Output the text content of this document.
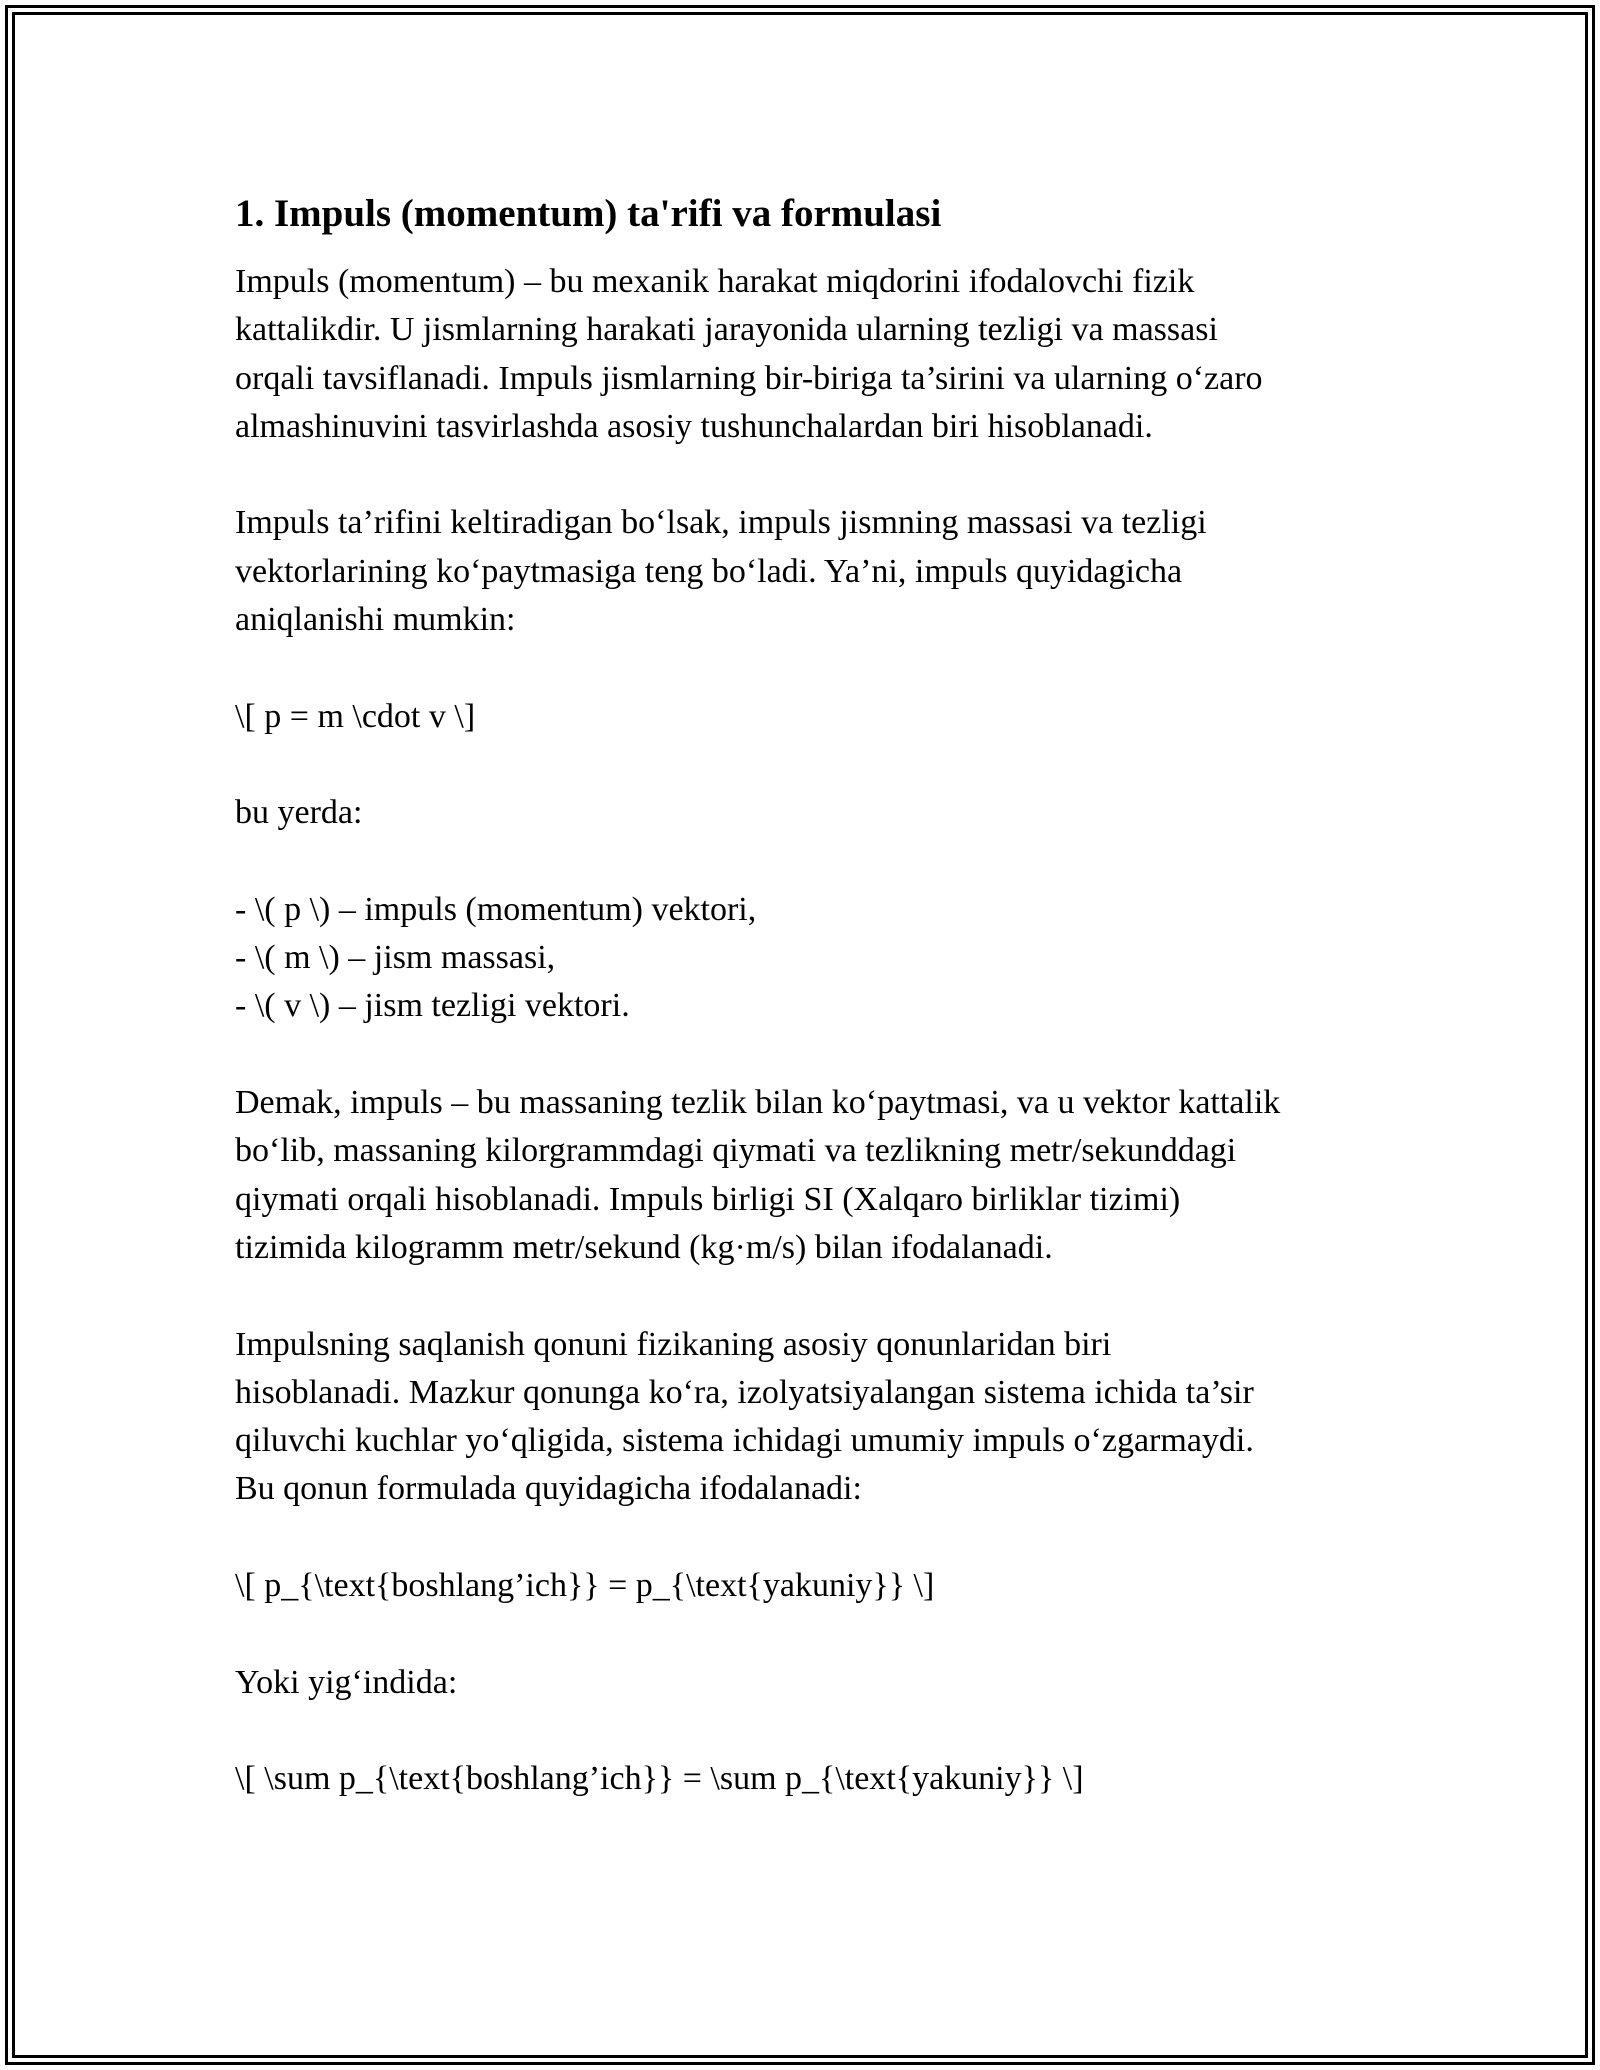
1. Impuls (momentum) ta'rifi va formulasi
Impuls (momentum) – bu mexanik harakat miqdorini ifodalovchi fizik
kattalikdir. U jismlarning harakati jarayonida ularning tezligi va massasi
orqali tavsiflanadi. Impuls jismlarning bir-biriga ta’sirini va ularning o‘zaro
almashinuvini tasvirlashda asosiy tushunchalardan biri hisoblanadi.
Impuls ta’rifini keltiradigan bo‘lsak, impuls jismning massasi va tezligi
vektorlarining ko‘paytmasiga teng bo‘ladi. Ya’ni, impuls quyidagicha
aniqlanishi mumkin:
\[ p = m \cdot v \]
bu yerda:
- \( p \) – impuls (momentum) vektori,
- \( m \) – jism massasi,
- \( v \) – jism tezligi vektori.
Demak, impuls – bu massaning tezlik bilan ko‘paytmasi, va u vektor kattalik
bo‘lib, massaning kilorgrammdagi qiymati va tezlikning metr/sekunddagi
qiymati orqali hisoblanadi. Impuls birligi SI (Xalqaro birliklar tizimi)
tizimida kilogramm metr/sekund (kg·m/s) bilan ifodalanadi.
Impulsning saqlanish qonuni fizikaning asosiy qonunlaridan biri
hisoblanadi. Mazkur qonunga ko‘ra, izolyatsiyalangan sistema ichida ta’sir
qiluvchi kuchlar yo‘qligida, sistema ichidagi umumiy impuls o‘zgarmaydi.
Bu qonun formulada quyidagicha ifodalanadi:
\[ p_{\text{boshlang’ich}} = p_{\text{yakuniy}} \]
Yoki yig‘indida:
\[ \sum p_{\text{boshlang’ich}} = \sum p_{\text{yakuniy}} \]
